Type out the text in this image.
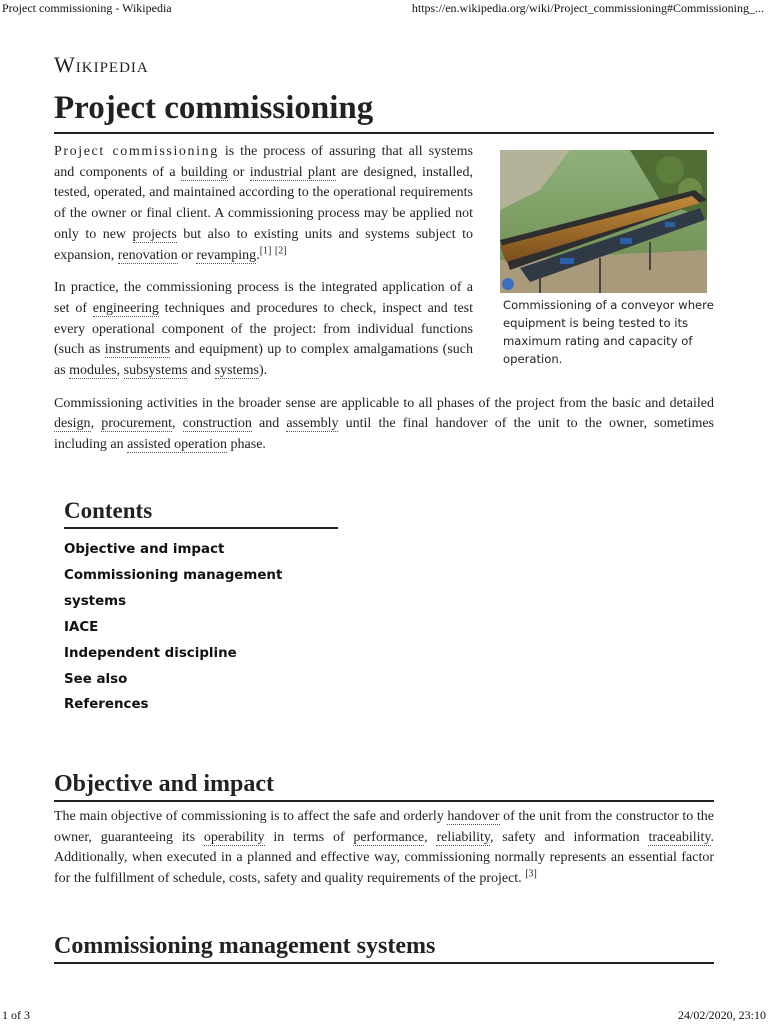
Project commissioning - Wikipedia	https://en.wikipedia.org/wiki/Project_commissioning#Commissioning_...
Wikipedia
Project commissioning

Project commissioning is the process of assuring that all systems and components of a building or industrial plant are designed, installed, tested, operated, and maintained according to the operational requirements of the owner or final client. A commissioning process may be applied not only to new projects but also to existing units and systems subject to expansion, renovation or revamping.[1] [2]

In practice, the commissioning process is the integrated application of a set of engineering techniques and procedures to check, inspect and test every operational component of the project: from individual functions (such as instruments and equipment) up to complex amalgamations (such as modules, subsystems and systems).

Commissioning activities in the broader sense are applicable to all phases of the project from the basic and detailed design, procurement, construction and assembly until the final handover of the unit to the owner, sometimes including an assisted operation phase.

Commissioning of a conveyor where equipment is being tested to its maximum rating and capacity of operation.
Contents
Objective and impact
Commissioning management systems
IACE
Independent discipline
See also
References
Objective and impact

The main objective of commissioning is to affect the safe and orderly handover of the unit from the constructor to the owner, guaranteeing its operability in terms of performance, reliability, safety and information traceability. Additionally, when executed in a planned and effective way, commissioning normally represents an essential factor for the fulfillment of schedule, costs, safety and quality requirements of the project. [3]

Commissioning management systems
1 of 3	24/02/2020, 23:10
